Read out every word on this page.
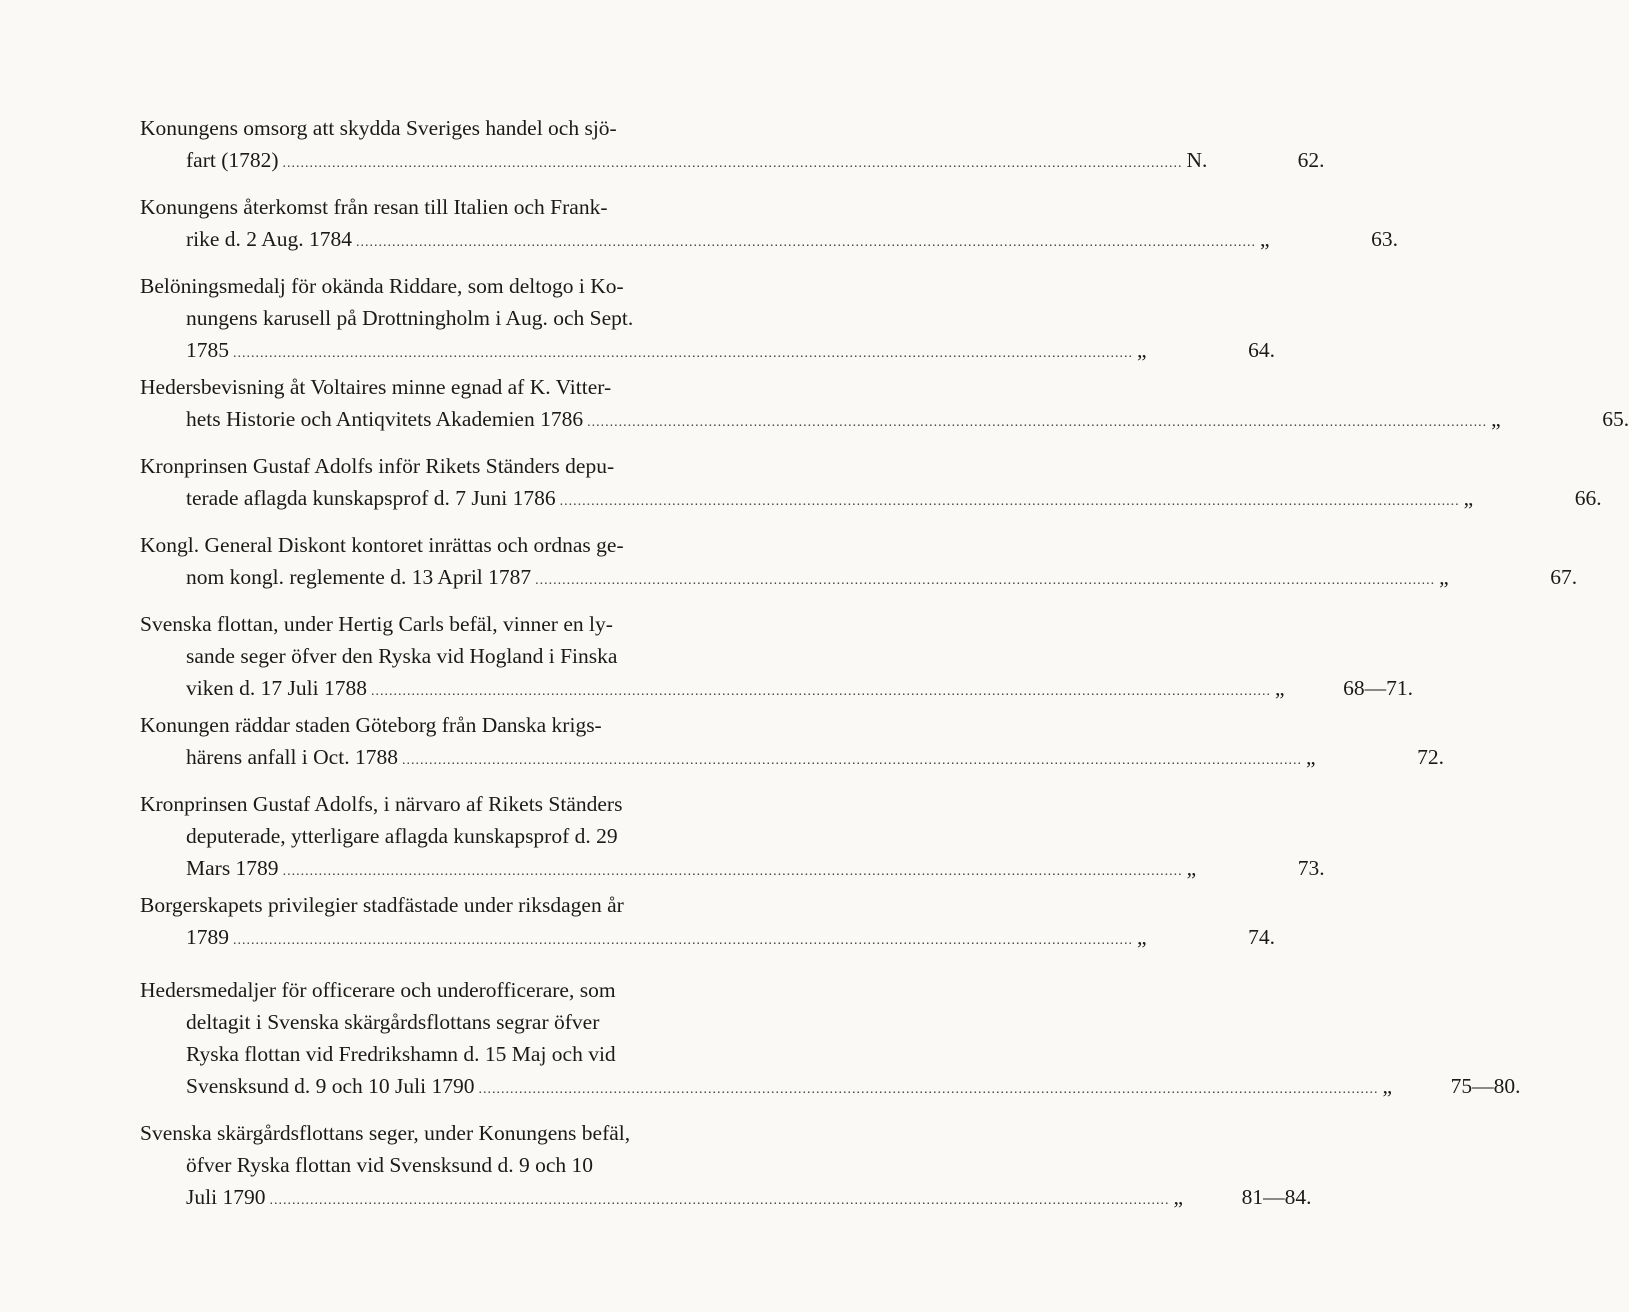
Konungens omsorg att skydda Sveriges handel och sjö-
fart (1782) ........................................................................................................................................................................................................ N.	62.
Konungens återkomst från resan till Italien och Frank-
rike d. 2 Aug. 1784 ........................................................................................................................................................................................................ „	63.
Belöningsmedalj för okända Riddare, som deltogo i Ko-
nungens karusell på Drottningholm i Aug. och Sept.
1785 ........................................................................................................................................................................................................ „	64.
Hedersbevisning åt Voltaires minne egnad af K. Vitter-
hets Historie och Antiqvitets Akademien 1786 ........................................................................................................................................................................................................ „	65.
Kronprinsen Gustaf Adolfs inför Rikets Ständers depu-
terade aflagda kunskapsprof d. 7 Juni 1786 ........................................................................................................................................................................................................ „	66.
Kongl. General Diskont kontoret inrättas och ordnas ge-
nom kongl. reglemente d. 13 April 1787 ........................................................................................................................................................................................................ „	67.
Svenska flottan, under Hertig Carls befäl, vinner en ly-
sande seger öfver den Ryska vid Hogland i Finska
viken d. 17 Juli 1788 ........................................................................................................................................................................................................ „	68—71.
Konungen räddar staden Göteborg från Danska krigs-
härens anfall i Oct. 1788 ........................................................................................................................................................................................................ „	72.
Kronprinsen Gustaf Adolfs, i närvaro af Rikets Ständers
deputerade, ytterligare aflagda kunskapsprof d. 29
Mars 1789 ........................................................................................................................................................................................................ „	73.
Borgerskapets privilegier stadfästade under riksdagen år
1789 ........................................................................................................................................................................................................ „	74.
Hedersmedaljer för officerare och underofficerare, som
deltagit i Svenska skärgårdsflottans segrar öfver
Ryska flottan vid Fredrikshamn d. 15 Maj och vid
Svensksund d. 9 och 10 Juli 1790 ........................................................................................................................................................................................................ „	75—80.
Svenska skärgårdsflottans seger, under Konungens befäl,
öfver Ryska flottan vid Svensksund d. 9 och 10
Juli 1790 ........................................................................................................................................................................................................ „	81—84.
